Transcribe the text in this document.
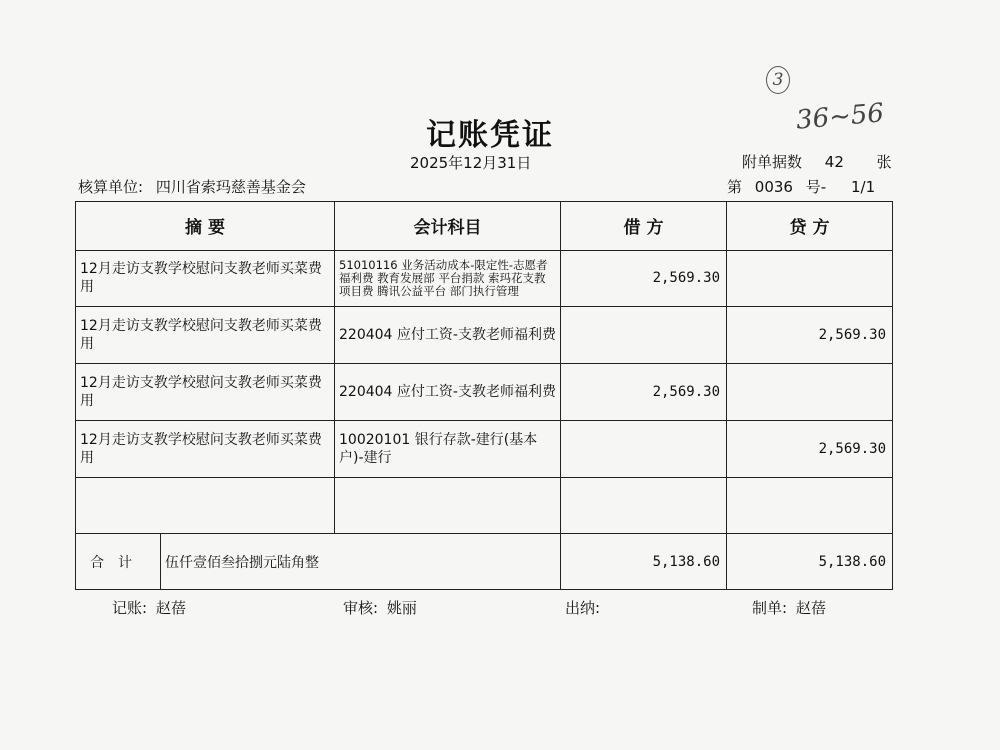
3
36~56
记账凭证
2025年12月31日	附单据数 42 张
核算单位: 四川省索玛慈善基金会	第 0036 号- 1/1
摘 要		会计科目	借 方	贷 方
12月走访支教学校慰问支教老师买菜费用		51010116 业务活动成本-限定性-志愿者福利费 教育发展部 平台捐款 索玛花支教 项目费 腾讯公益平台 部门执行管理	2,569.30	
12月走访支教学校慰问支教老师买菜费用		220404 应付工资-支教老师福利费		2,569.30
12月走访支教学校慰问支教老师买菜费用		220404 应付工资-支教老师福利费	2,569.30	
12月走访支教学校慰问支教老师买菜费用		10020101 银行存款-建行(基本户)-建行		2,569.30

合计	伍仟壹佰叁拾捌元陆角整		5,138.60	5,138.60
记账: 赵蓓	审核: 姚丽	出纳:	制单: 赵蓓
